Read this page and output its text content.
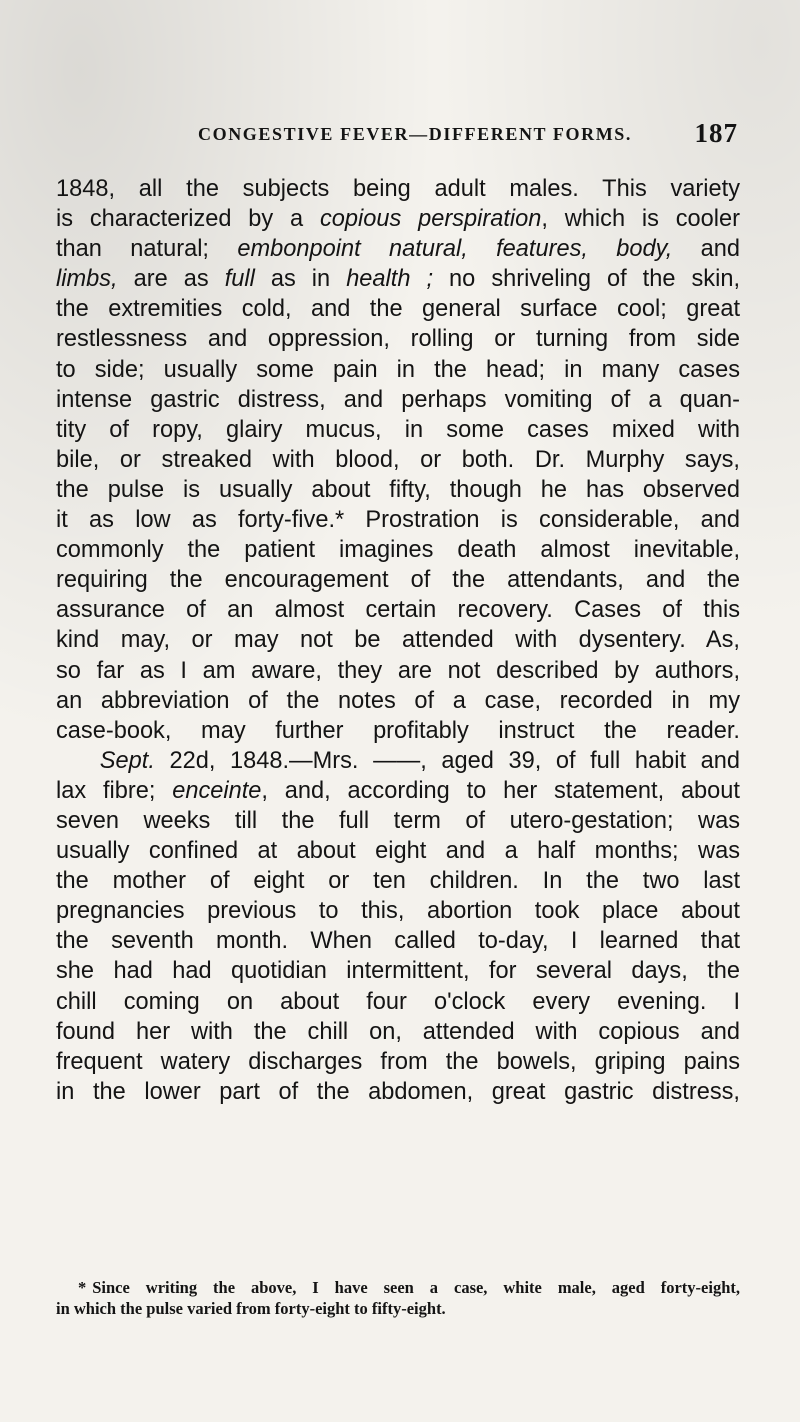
CONGESTIVE FEVER—DIFFERENT FORMS. 187
1848, all the subjects being adult males. This variety
is characterized by a copious perspiration, which is cooler
than natural; embonpoint natural, features, body, and
limbs, are as full as in health ; no shriveling of the skin,
the extremities cold, and the general surface cool; great
restlessness and oppression, rolling or turning from side
to side; usually some pain in the head; in many cases
intense gastric distress, and perhaps vomiting of a quan-
tity of ropy, glairy mucus, in some cases mixed with
bile, or streaked with blood, or both. Dr. Murphy says,
the pulse is usually about fifty, though he has observed
it as low as forty-five.* Prostration is considerable, and
commonly the patient imagines death almost inevitable,
requiring the encouragement of the attendants, and the
assurance of an almost certain recovery. Cases of this
kind may, or may not be attended with dysentery. As,
so far as I am aware, they are not described by authors,
an abbreviation of the notes of a case, recorded in my
case-book, may further profitably instruct the reader.
Sept. 22d, 1848.—Mrs. ——, aged 39, of full habit and
lax fibre; enceinte, and, according to her statement, about
seven weeks till the full term of utero-gestation; was
usually confined at about eight and a half months; was
the mother of eight or ten children. In the two last
pregnancies previous to this, abortion took place about
the seventh month. When called to-day, I learned that
she had had quotidian intermittent, for several days, the
chill coming on about four o'clock every evening. I
found her with the chill on, attended with copious and
frequent watery discharges from the bowels, griping pains
in the lower part of the abdomen, great gastric distress,
* Since writing the above, I have seen a case, white male, aged forty-eight,
in which the pulse varied from forty-eight to fifty-eight.
